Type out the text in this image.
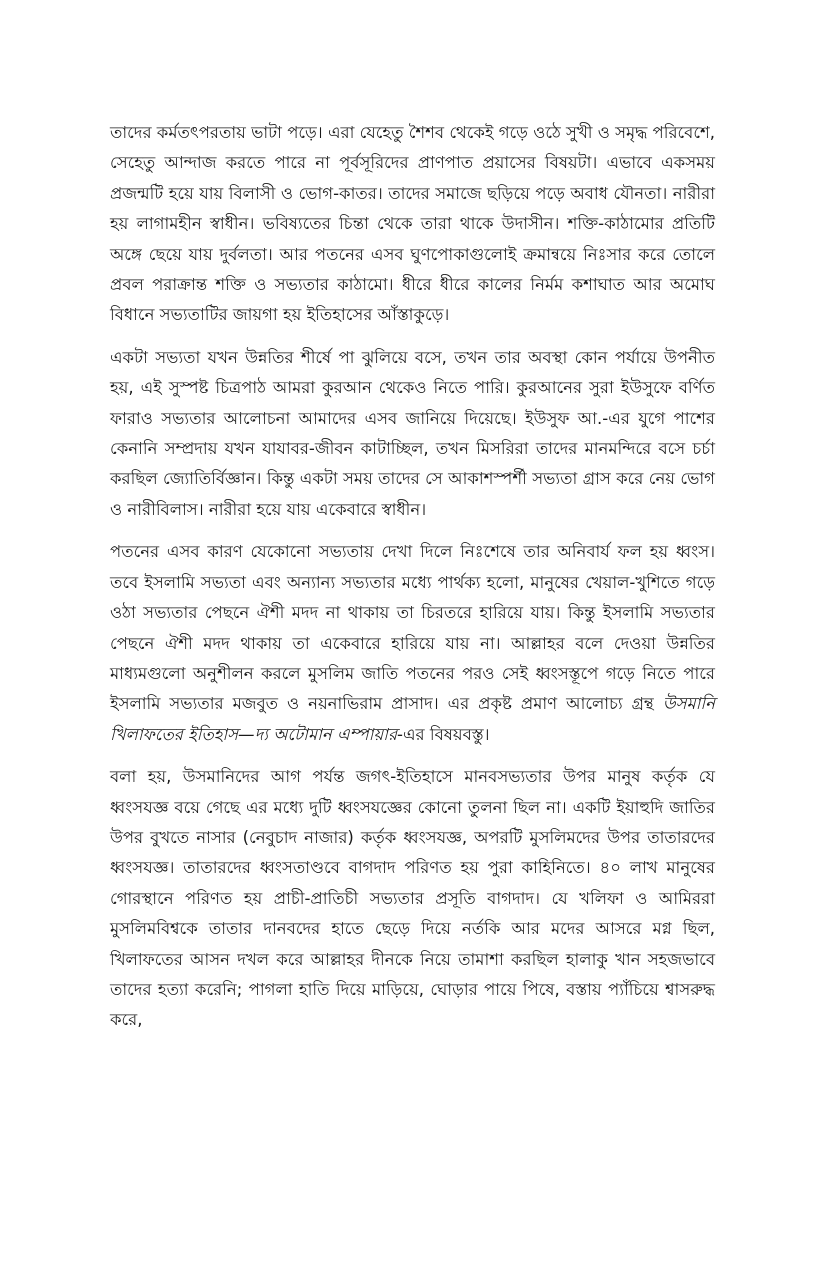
তাদের কর্মতৎপরতায় ভাটা পড়ে। এরা যেহেতু শৈশব থেকেই গড়ে ওঠে সুখী ও সমৃদ্ধ পরিবেশে, সেহেতু আন্দাজ করতে পারে না পূর্বসূরিদের প্রাণপাত প্রয়াসের বিষয়টা। এভাবে একসময় প্রজন্মটি হয়ে যায় বিলাসী ও ভোগ-কাতর। তাদের সমাজে ছড়িয়ে পড়ে অবাধ যৌনতা। নারীরা হয় লাগামহীন স্বাধীন। ভবিষ্যতের চিন্তা থেকে তারা থাকে উদাসীন। শক্তি-কাঠামোর প্রতিটি অঙ্গে ছেয়ে যায় দুর্বলতা। আর পতনের এসব ঘুণপোকাগুলোই ক্রমান্বয়ে নিঃসার করে তোলে প্রবল পরাক্রান্ত শক্তি ও সভ্যতার কাঠামো। ধীরে ধীরে কালের নির্মম কশাঘাত আর অমোঘ বিধানে সভ্যতাটির জায়গা হয় ইতিহাসের আঁস্তাকুড়ে।

একটা সভ্যতা যখন উন্নতির শীর্ষে পা ঝুলিয়ে বসে, তখন তার অবস্থা কোন পর্যায়ে উপনীত হয়, এই সুস্পষ্ট চিত্রপাঠ আমরা কুরআন থেকেও নিতে পারি। কুরআনের সুরা ইউসুফে বর্ণিত ফারাও সভ্যতার আলোচনা আমাদের এসব জানিয়ে দিয়েছে। ইউসুফ আ.-এর যুগে পাশের কেনানি সম্প্রদায় যখন যাযাবর-জীবন কাটাচ্ছিল, তখন মিসরিরা তাদের মানমন্দিরে বসে চর্চা করছিল জ্যোতির্বিজ্ঞান। কিন্তু একটা সময় তাদের সে আকাশস্পর্শী সভ্যতা গ্রাস করে নেয় ভোগ ও নারীবিলাস। নারীরা হয়ে যায় একেবারে স্বাধীন।

পতনের এসব কারণ যেকোনো সভ্যতায় দেখা দিলে নিঃশেষে তার অনিবার্য ফল হয় ধ্বংস। তবে ইসলামি সভ্যতা এবং অন্যান্য সভ্যতার মধ্যে পার্থক্য হলো, মানুষের খেয়াল-খুশিতে গড়ে ওঠা সভ্যতার পেছনে ঐশী মদদ না থাকায় তা চিরতরে হারিয়ে যায়। কিন্তু ইসলামি সভ্যতার পেছনে ঐশী মদদ থাকায় তা একেবারে হারিয়ে যায় না। আল্লাহর বলে দেওয়া উন্নতির মাধ্যমগুলো অনুশীলন করলে মুসলিম জাতি পতনের পরও সেই ধ্বংসস্তূপে গড়ে নিতে পারে ইসলামি সভ্যতার মজবুত ও নয়নাভিরাম প্রাসাদ। এর প্রকৃষ্ট প্রমাণ আলোচ্য গ্রন্থ উসমানি খিলাফতের ইতিহাস—দ্য অটোমান এম্পায়ার-এর বিষয়বস্তু।

বলা হয়, উসমানিদের আগ পর্যন্ত জগৎ-ইতিহাসে মানবসভ্যতার উপর মানুষ কর্তৃক যে ধ্বংসযজ্ঞ বয়ে গেছে এর মধ্যে দুটি ধ্বংসযজ্ঞের কোনো তুলনা ছিল না। একটি ইয়াহুদি জাতির উপর বুখতে নাসার (নেবুচাদ নাজার) কর্তৃক ধ্বংসযজ্ঞ, অপরটি মুসলিমদের উপর তাতারদের ধ্বংসযজ্ঞ। তাতারদের ধ্বংসতাণ্ডবে বাগদাদ পরিণত হয় পুরা কাহিনিতে। ৪০ লাখ মানুষের গোরস্থানে পরিণত হয় প্রাচী-প্রাতিচী সভ্যতার প্রসূতি বাগদাদ। যে খলিফা ও আমিররা মুসলিমবিশ্বকে তাতার দানবদের হাতে ছেড়ে দিয়ে নর্তকি আর মদের আসরে মগ্ন ছিল, খিলাফতের আসন দখল করে আল্লাহর দীনকে নিয়ে তামাশা করছিল হালাকু খান সহজভাবে তাদের হত্যা করেনি; পাগলা হাতি দিয়ে মাড়িয়ে, ঘোড়ার পায়ে পিষে, বস্তায় প্যাঁচিয়ে শ্বাসরুদ্ধ করে,
